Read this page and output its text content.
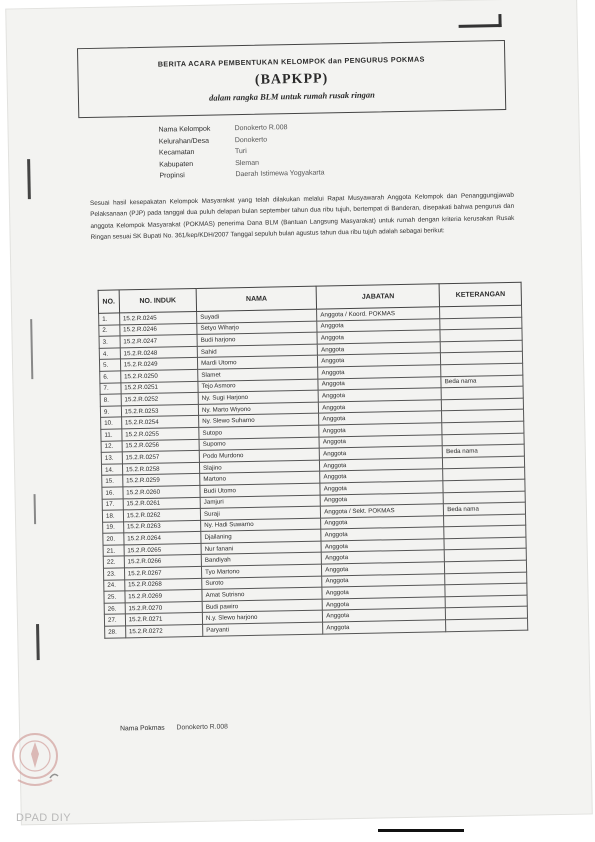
BERITA ACARA PEMBENTUKAN KELOMPOK dan PENGURUS POKMAS
(BAPKPP)
dalam rangka BLM untuk rumah rusak ringan
Nama Kelompok	Donokerto R.008
Kelurahan/Desa	Donokerto
Kecamatan	Turi
Kabupaten	Sleman
Propinsi	Daerah Istimewa Yogyakarta
Sesuai hasil kesepakatan Kelompok Masyarakat yang telah dilakukan melalui Rapat Musyawarah Anggota Kelompok dan Penanggungjawab Pelaksanaan (PJP) pada tanggal dua puluh delapan bulan september tahun dua ribu tujuh, bertempat di Banderan, disepakati bahwa pengurus dan anggota Kelompok Masyarakat (POKMAS) penerima Dana BLM (Bantuan Langsung Masyarakat) untuk rumah dengan kriteria kerusakan Rusak Ringan sesuai SK Bupati No. 361/kep/KDH/2007 Tanggal sepuluh bulan agustus tahun dua ribu tujuh adalah sebagai berikut:
NO.	NO. INDUK	NAMA	JABATAN	KETERANGAN
1.	15.2.R.0245	Suyadi	Anggota / Koord. POKMAS	
2.	15.2.R.0246	Setyo Wiharjo	Anggota	
3.	15.2.R.0247	Budi harjono	Anggota	
4.	15.2.R.0248	Sahid	Anggota	
5.	15.2.R.0249	Mardi Utomo	Anggota	
6.	15.2.R.0250	Slamet	Anggota	
7.	15.2.R.0251	Tejo Asmoro	Anggota	Beda nama
8.	15.2.R.0252	Ny. Sugi Harjono	Anggota	
9.	15.2.R.0253	Ny. Marto Wiyono	Anggota	
10.	15.2.R.0254	Ny. Slewo Suharno	Anggota	
11.	15.2.R.0255	Sutopo	Anggota	
12.	15.2.R.0256	Supomo	Anggota	
13.	15.2.R.0257	Podo Murdono	Anggota	Beda nama
14.	15.2.R.0258	Slajino	Anggota	
15.	15.2.R.0259	Martono	Anggota	
16.	15.2.R.0260	Budi Utomo	Anggota	
17.	15.2.R.0261	Jamjuri	Anggota	
18.	15.2.R.0262	Suraji	Anggota / Sekt. POKMAS	Beda nama
19.	15.2.R.0263	Ny. Hadi Suwarno	Anggota	
20.	15.2.R.0264	Djailaning	Anggota	
21.	15.2.R.0265	Nur fanani	Anggota	
22.	15.2.R.0266	Bandiyah	Anggota	
23.	15.2.R.0267	Tyo Martono	Anggota	
24.	15.2.R.0268	Suroto	Anggota	
25.	15.2.R.0269	Amat Sutrisno	Anggota	
26.	15.2.R.0270	Budi pawiro	Anggota	
27.	15.2.R.0271	N.y. Slewo harjono	Anggota	
28.	15.2.R.0272	Paryanti	Anggota	
Nama Pokmas Donokerto R.008
DPAD DIY
